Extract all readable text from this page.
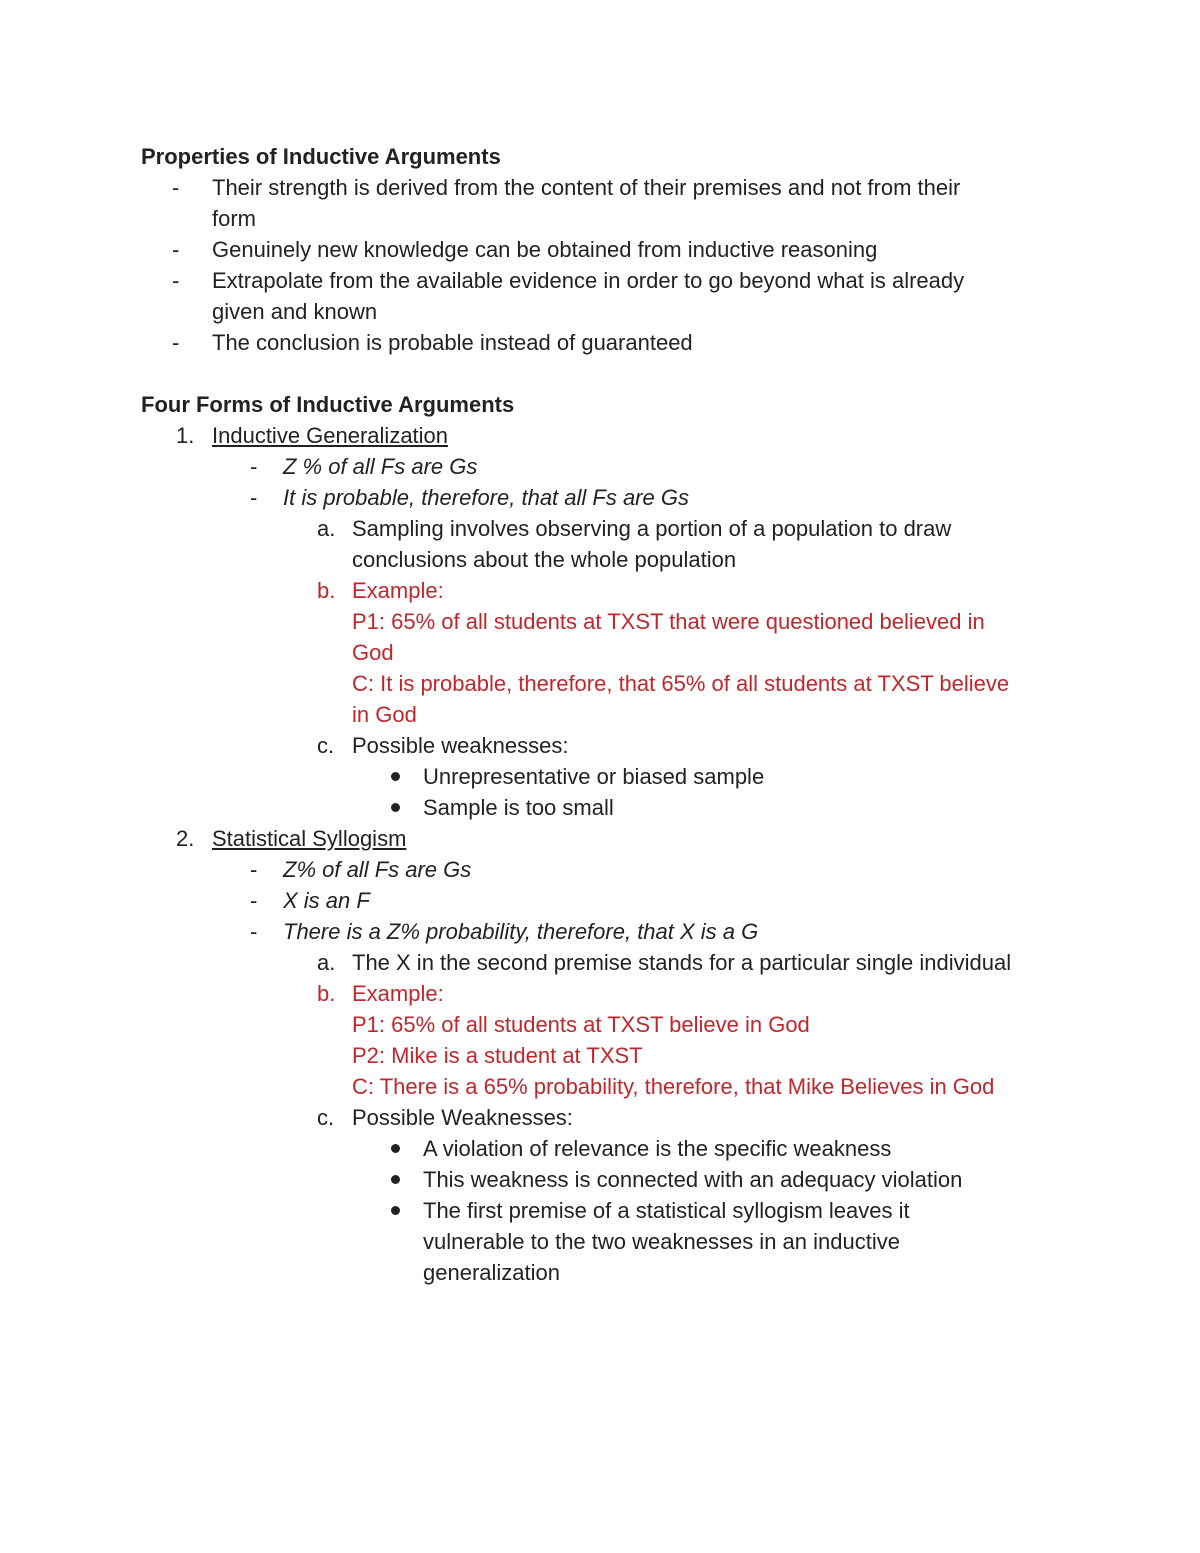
Properties of Inductive Arguments
- Their strength is derived from the content of their premises and not from their
form
- Genuinely new knowledge can be obtained from inductive reasoning
- Extrapolate from the available evidence in order to go beyond what is already
given and known
- The conclusion is probable instead of guaranteed
Four Forms of Inductive Arguments
1. Inductive Generalization
- Z % of all Fs are Gs
- It is probable, therefore, that all Fs are Gs
a. Sampling involves observing a portion of a population to draw
conclusions about the whole population
b. Example:
P1: 65% of all students at TXST that were questioned believed in
God
C: It is probable, therefore, that 65% of all students at TXST believe
in God
c. Possible weaknesses:
Unrepresentative or biased sample
Sample is too small
2. Statistical Syllogism
- Z% of all Fs are Gs
- X is an F
- There is a Z% probability, therefore, that X is a G
a. The X in the second premise stands for a particular single individual
b. Example:
P1: 65% of all students at TXST believe in God
P2: Mike is a student at TXST
C: There is a 65% probability, therefore, that Mike Believes in God
c. Possible Weaknesses:
A violation of relevance is the specific weakness
This weakness is connected with an adequacy violation
The first premise of a statistical syllogism leaves it
vulnerable to the two weaknesses in an inductive
generalization
